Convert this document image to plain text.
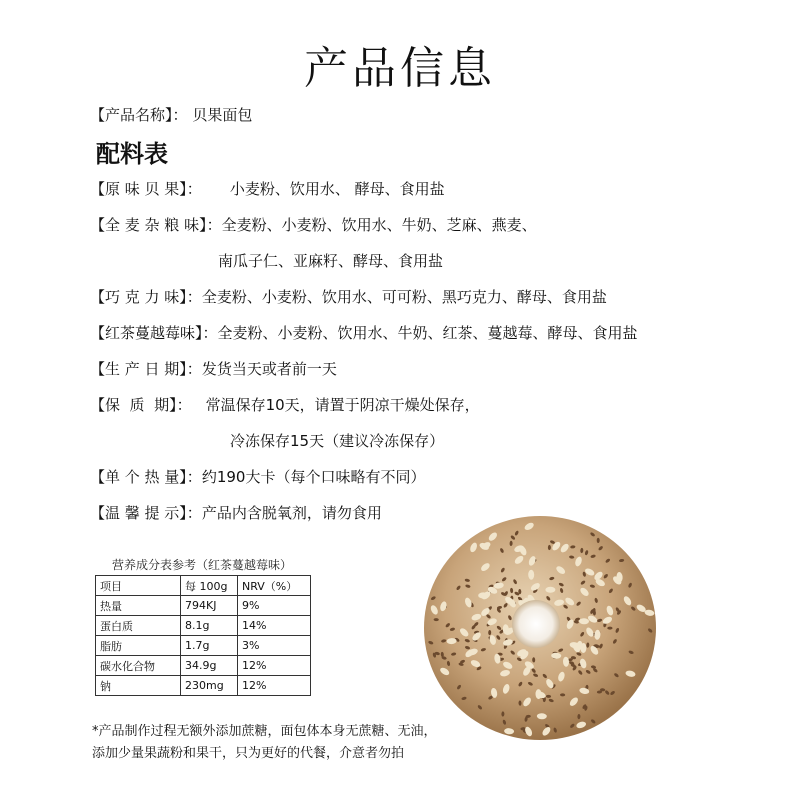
产品信息
【产品名称】： 贝果面包
配料表
【原 味 贝 果】： 小麦粉、饮用水、 酵母、食用盐
【全 麦 杂 粮 味】：全麦粉、小麦粉、饮用水、牛奶、芝麻、燕麦、
南瓜子仁、亚麻籽、酵母、食用盐
【巧 克 力 味】：全麦粉、小麦粉、饮用水、可可粉、黑巧克力、酵母、食用盐
【红茶蔓越莓味】：全麦粉、小麦粉、饮用水、牛奶、红茶、蔓越莓、酵母、食用盐
【生 产 日 期】：发货当天或者前一天
【保  质  期】： 常温保存10天，请置于阴凉干燥处保存，
冷冻保存15天（建议冷冻保存）
【单 个 热 量】：约190大卡（每个口味略有不同）
【温 馨 提 示】：产品内含脱氧剂，请勿食用
营养成分表参考（红茶蔓越莓味）
项目	每 100g	NRV（%）
热量	794KJ	9%
蛋白质	8.1g	14%
脂肪	1.7g	3%
碳水化合物	34.9g	12%
钠	230mg	12%
*产品制作过程无额外添加蔗糖，面包体本身无蔗糖、无油，
添加少量果蔬粉和果干，只为更好的代餐，介意者勿拍
